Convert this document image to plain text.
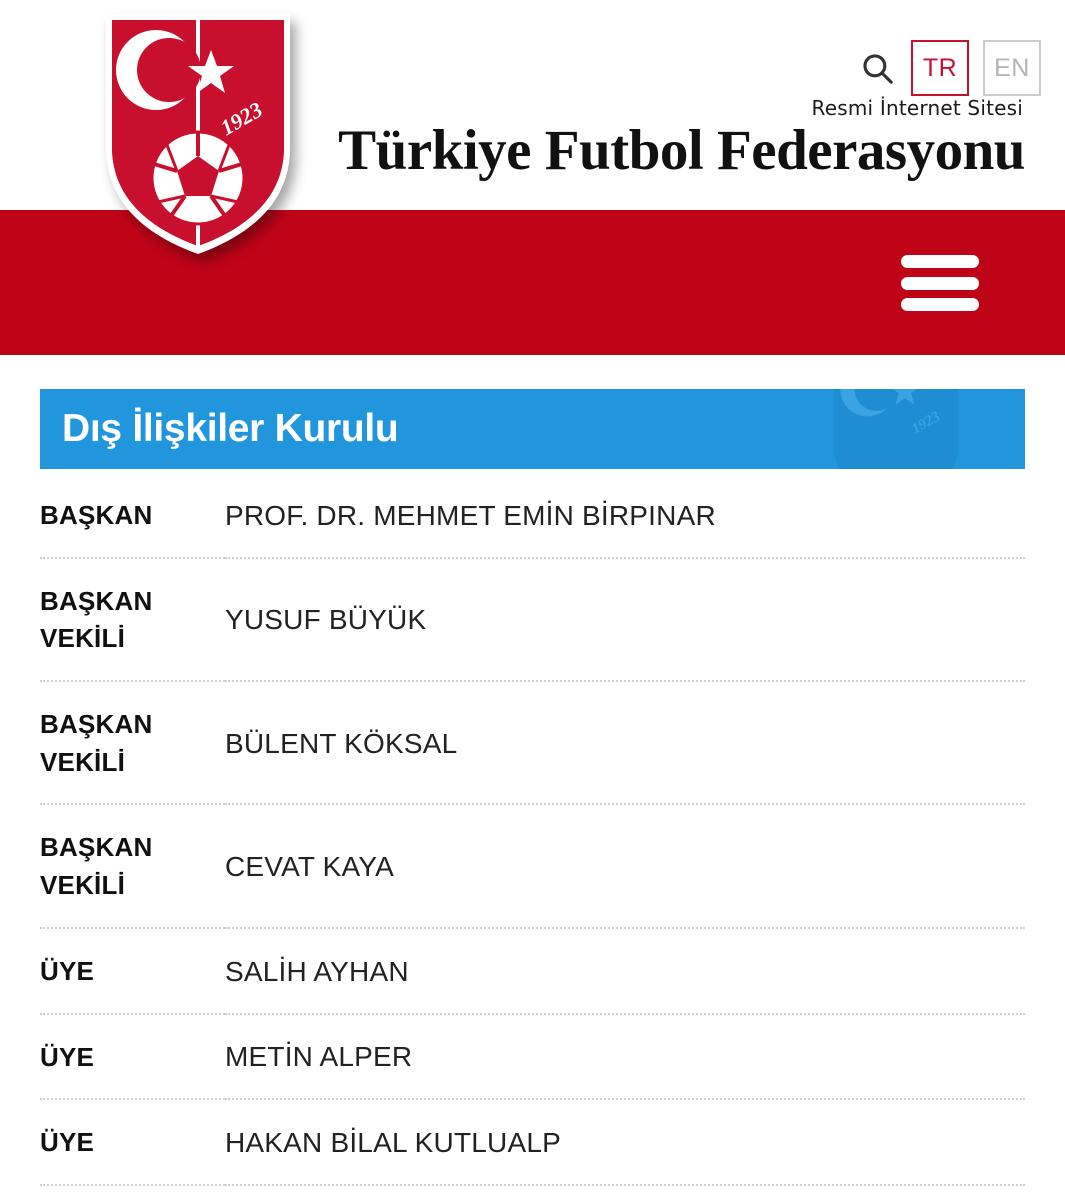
1923
TR	EN
Resmi İnternet Sitesi
Türkiye Futbol Federasyonu
1923
Dış İlişkiler Kurulu
BAŞKAN	PROF. DR. MEHMET EMİN BİRPINAR
BAŞKAN VEKİLİ	YUSUF BÜYÜK
BAŞKAN VEKİLİ	BÜLENT KÖKSAL
BAŞKAN VEKİLİ	CEVAT KAYA
ÜYE	SALİH AYHAN
ÜYE	METİN ALPER
ÜYE	HAKAN BİLAL KUTLUALP
